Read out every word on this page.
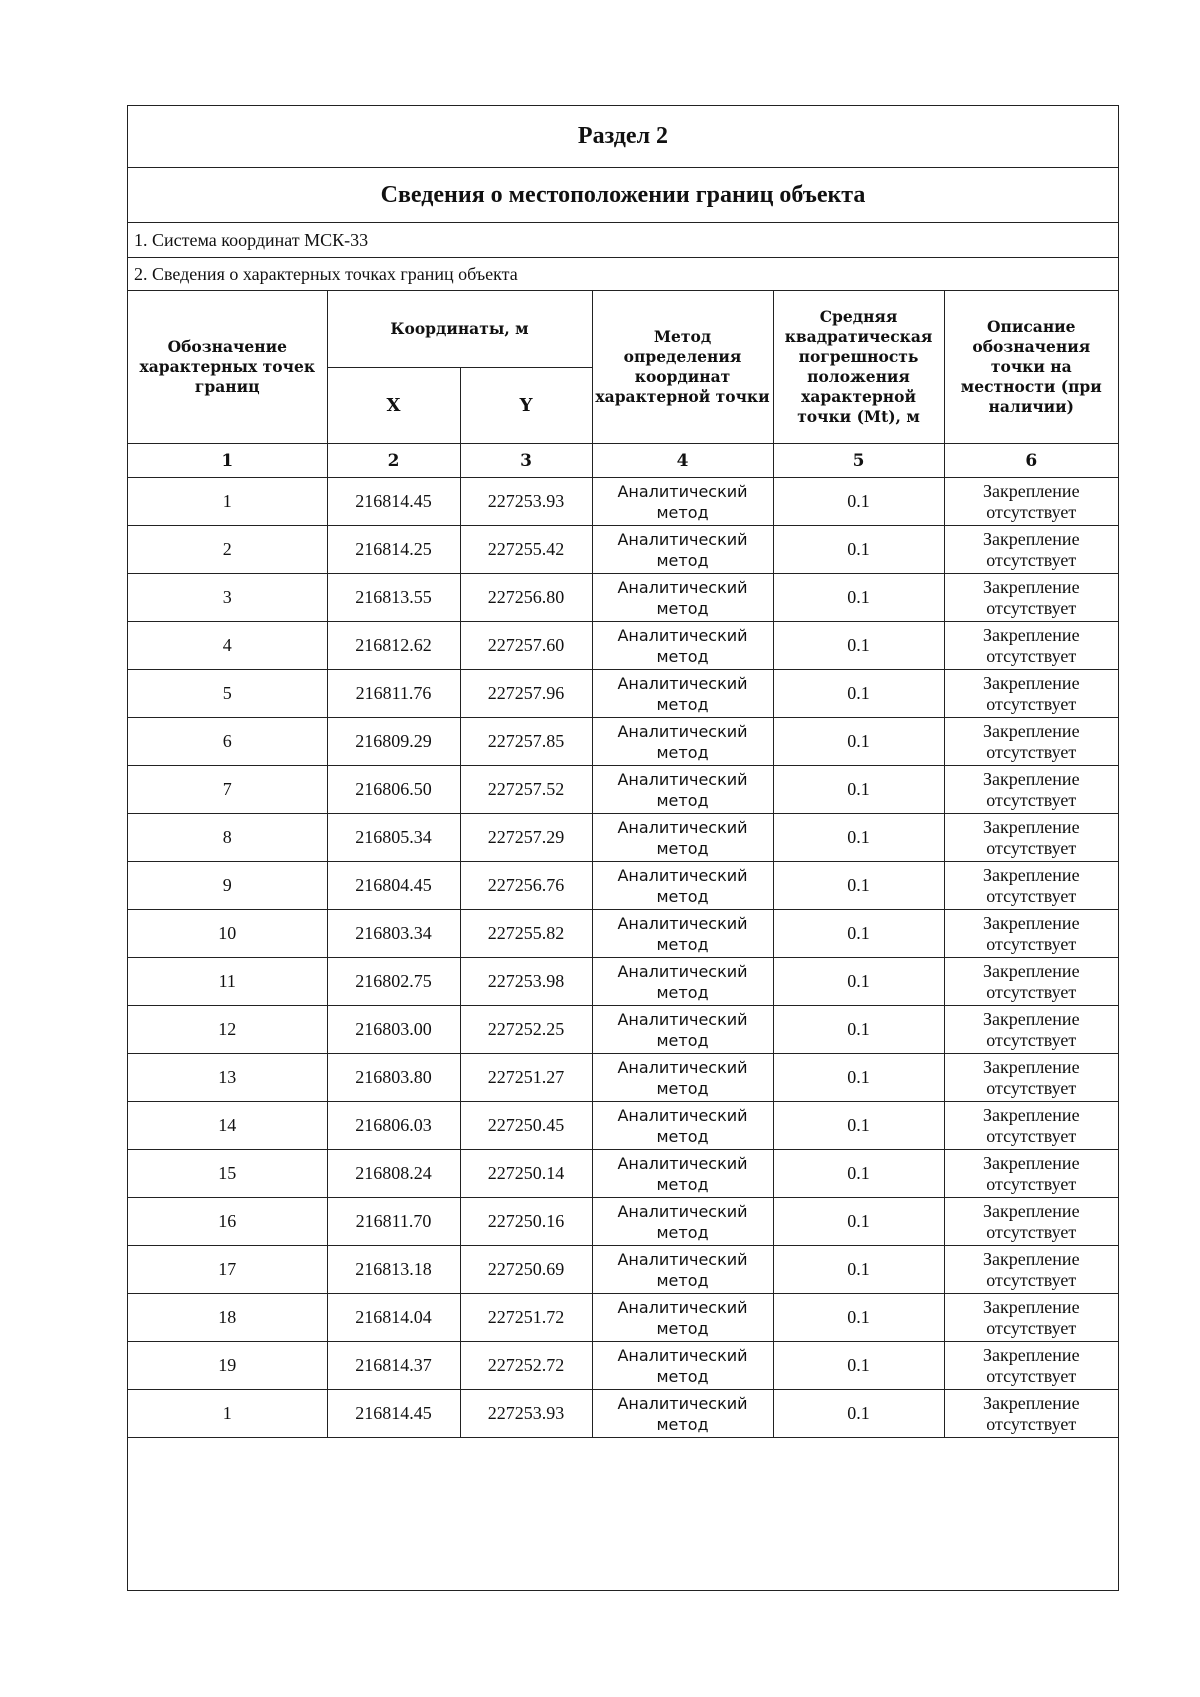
Раздел 2
Сведения о местоположении границ объекта
1. Система координат МСК-33
2. Сведения о характерных точках границ объекта
Обозначение характерных точек границ	Координаты, м		Метод определения координат характерной точки	Средняя квадратическая погрешность положения характерной точки (Mt), м	Описание обозначения точки на местности (при наличии)
	X	Y			
1	2	3	4	5	6
1	216814.45	227253.93	Аналитический метод	0.1	Закрепление отсутствует
2	216814.25	227255.42	Аналитический метод	0.1	Закрепление отсутствует
3	216813.55	227256.80	Аналитический метод	0.1	Закрепление отсутствует
4	216812.62	227257.60	Аналитический метод	0.1	Закрепление отсутствует
5	216811.76	227257.96	Аналитический метод	0.1	Закрепление отсутствует
6	216809.29	227257.85	Аналитический метод	0.1	Закрепление отсутствует
7	216806.50	227257.52	Аналитический метод	0.1	Закрепление отсутствует
8	216805.34	227257.29	Аналитический метод	0.1	Закрепление отсутствует
9	216804.45	227256.76	Аналитический метод	0.1	Закрепление отсутствует
10	216803.34	227255.82	Аналитический метод	0.1	Закрепление отсутствует
11	216802.75	227253.98	Аналитический метод	0.1	Закрепление отсутствует
12	216803.00	227252.25	Аналитический метод	0.1	Закрепление отсутствует
13	216803.80	227251.27	Аналитический метод	0.1	Закрепление отсутствует
14	216806.03	227250.45	Аналитический метод	0.1	Закрепление отсутствует
15	216808.24	227250.14	Аналитический метод	0.1	Закрепление отсутствует
16	216811.70	227250.16	Аналитический метод	0.1	Закрепление отсутствует
17	216813.18	227250.69	Аналитический метод	0.1	Закрепление отсутствует
18	216814.04	227251.72	Аналитический метод	0.1	Закрепление отсутствует
19	216814.37	227252.72	Аналитический метод	0.1	Закрепление отсутствует
1	216814.45	227253.93	Аналитический метод	0.1	Закрепление отсутствует
